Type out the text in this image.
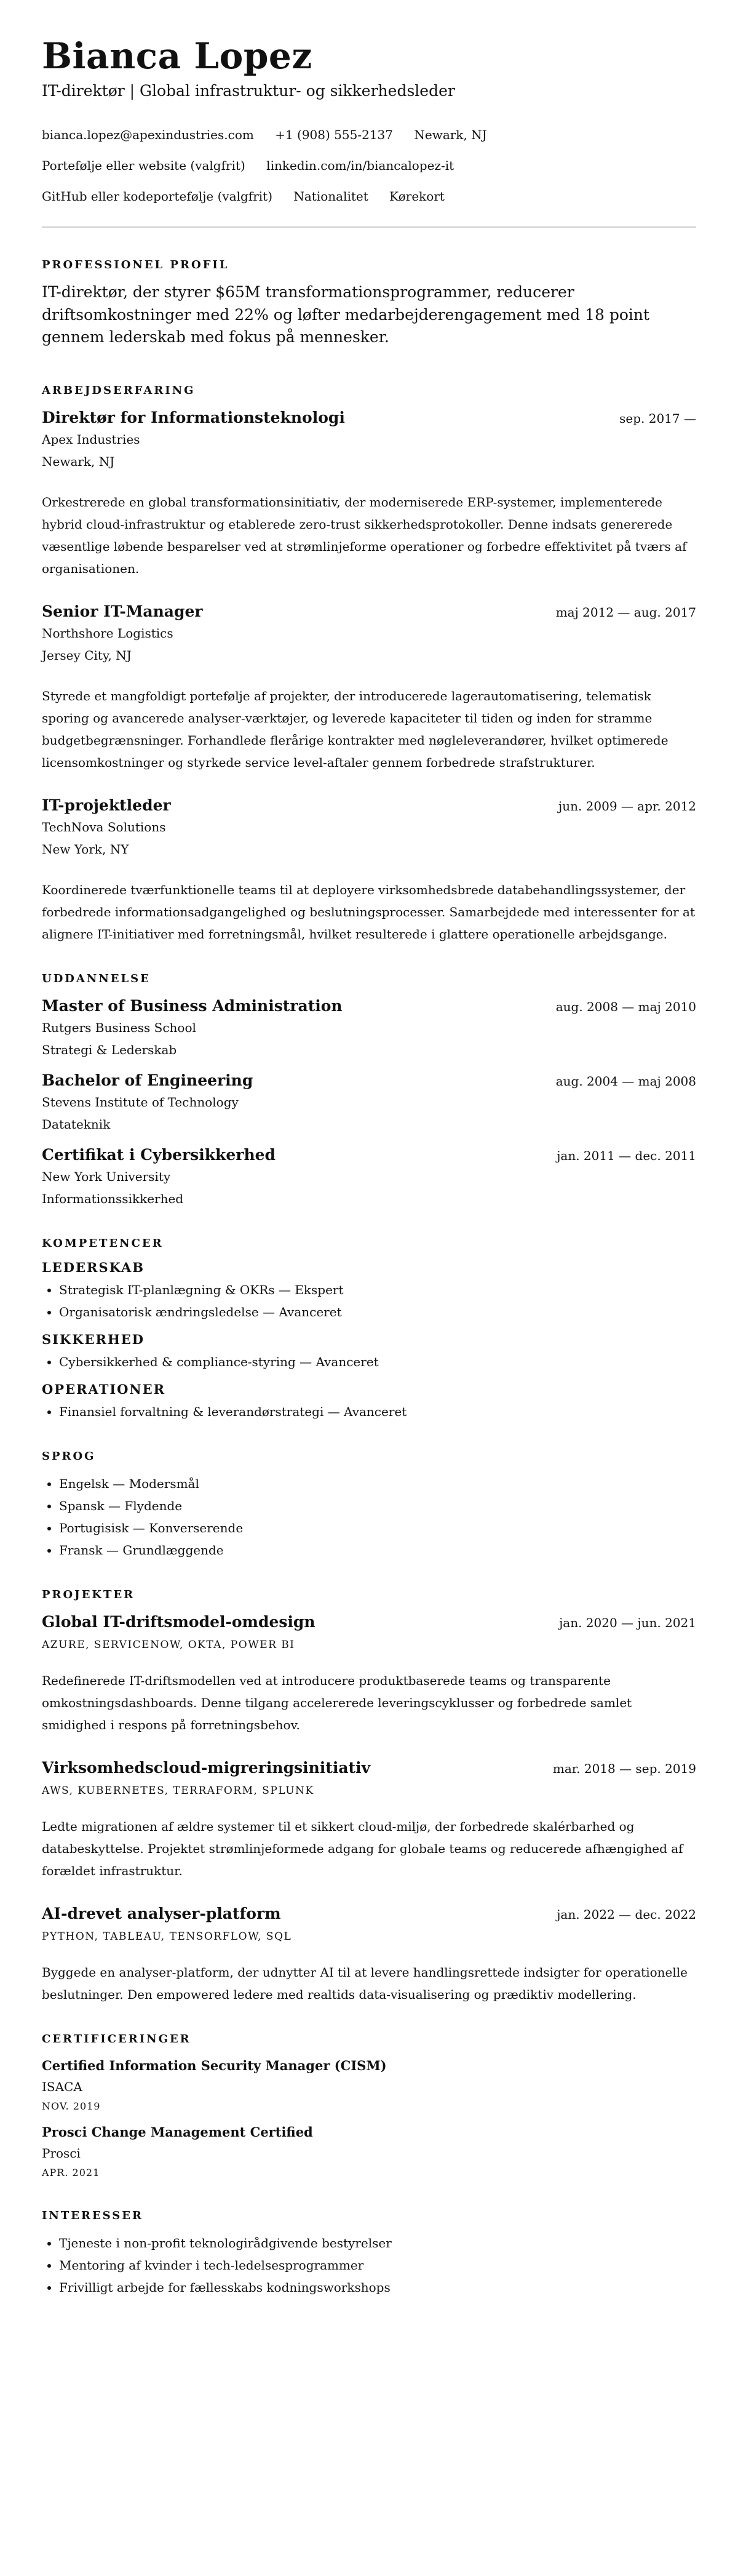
Bianca Lopez
IT-direktør | Global infrastruktur- og sikkerhedsleder
bianca.lopez@apexindustries.com +1 (908) 555-2137 Newark, NJ
Portefølje eller website (valgfrit) linkedin.com/in/biancalopez-it
GitHub eller kodeportefølje (valgfrit) Nationalitet Kørekort
PROFESSIONEL PROFIL

IT-direktør, der styrer $65M transformationsprogrammer, reducerer driftsomkostninger med 22% og løfter medarbejderengagement med 18 point gennem lederskab med fokus på mennesker.

ARBEJDSERFARING
Direktør for Informationsteknologi	sep. 2017 —
Apex Industries
Newark, NJ
Orkestrerede en global transformationsinitiativ, der moderniserede ERP-systemer, implementerede hybrid cloud-infrastruktur og etablerede zero-trust sikkerhedsprotokoller. Denne indsats genererede væsentlige løbende besparelser ved at strømlinjeforme operationer og forbedre effektivitet på tværs af organisationen.
Senior IT-Manager	maj 2012 — aug. 2017
Northshore Logistics
Jersey City, NJ
Styrede et mangfoldigt portefølje af projekter, der introducerede lagerautomatisering, telematisk sporing og avancerede analyser-værktøjer, og leverede kapaciteter til tiden og inden for stramme budgetbegrænsninger. Forhandlede flerårige kontrakter med nøgleleverandører, hvilket optimerede licensomkostninger og styrkede service level-aftaler gennem forbedrede strafstrukturer.
IT-projektleder	jun. 2009 — apr. 2012
TechNova Solutions
New York, NY
Koordinerede tværfunktionelle teams til at deployere virksomhedsbrede databehandlingssystemer, der forbedrede informationsadgangelighed og beslutningsprocesser. Samarbejdede med interessenter for at alignere IT-initiativer med forretningsmål, hvilket resulterede i glattere operationelle arbejdsgange.
UDDANNELSE
Master of Business Administration	aug. 2008 — maj 2010
Rutgers Business School
Strategi & Lederskab
Bachelor of Engineering	aug. 2004 — maj 2008
Stevens Institute of Technology
Datateknik
Certifikat i Cybersikkerhed	jan. 2011 — dec. 2011
New York University
Informationssikkerhed
KOMPETENCER
LEDERSKAB
• Strategisk IT-planlægning & OKRs — Ekspert
• Organisatorisk ændringsledelse — Avanceret
SIKKERHED
• Cybersikkerhed & compliance-styring — Avanceret
OPERATIONER
• Finansiel forvaltning & leverandørstrategi — Avanceret
SPROG
• Engelsk — Modersmål
• Spansk — Flydende
• Portugisisk — Konverserende
• Fransk — Grundlæggende
PROJEKTER
Global IT-driftsmodel-omdesign	jan. 2020 — jun. 2021
AZURE, SERVICENOW, OKTA, POWER BI
Redefinerede IT-driftsmodellen ved at introducere produktbaserede teams og transparente omkostningsdashboards. Denne tilgang accelererede leveringscyklusser og forbedrede samlet smidighed i respons på forretningsbehov.
Virksomhedscloud-migreringsinitiativ	mar. 2018 — sep. 2019
AWS, KUBERNETES, TERRAFORM, SPLUNK
Ledte migrationen af ældre systemer til et sikkert cloud-miljø, der forbedrede skalérbarhed og databeskyttelse. Projektet strømlinjeformede adgang for globale teams og reducerede afhængighed af forældet infrastruktur.
AI-drevet analyser-platform	jan. 2022 — dec. 2022
PYTHON, TABLEAU, TENSORFLOW, SQL
Byggede en analyser-platform, der udnytter AI til at levere handlingsrettede indsigter for operationelle beslutninger. Den empowered ledere med realtids data-visualisering og prædiktiv modellering.
CERTIFICERINGER
Certified Information Security Manager (CISM)
ISACA
NOV. 2019
Prosci Change Management Certified
Prosci
APR. 2021
INTERESSER
• Tjeneste i non-profit teknologirådgivende bestyrelser
• Mentoring af kvinder i tech-ledelsesprogrammer
• Frivilligt arbejde for fællesskabs kodningsworkshops
